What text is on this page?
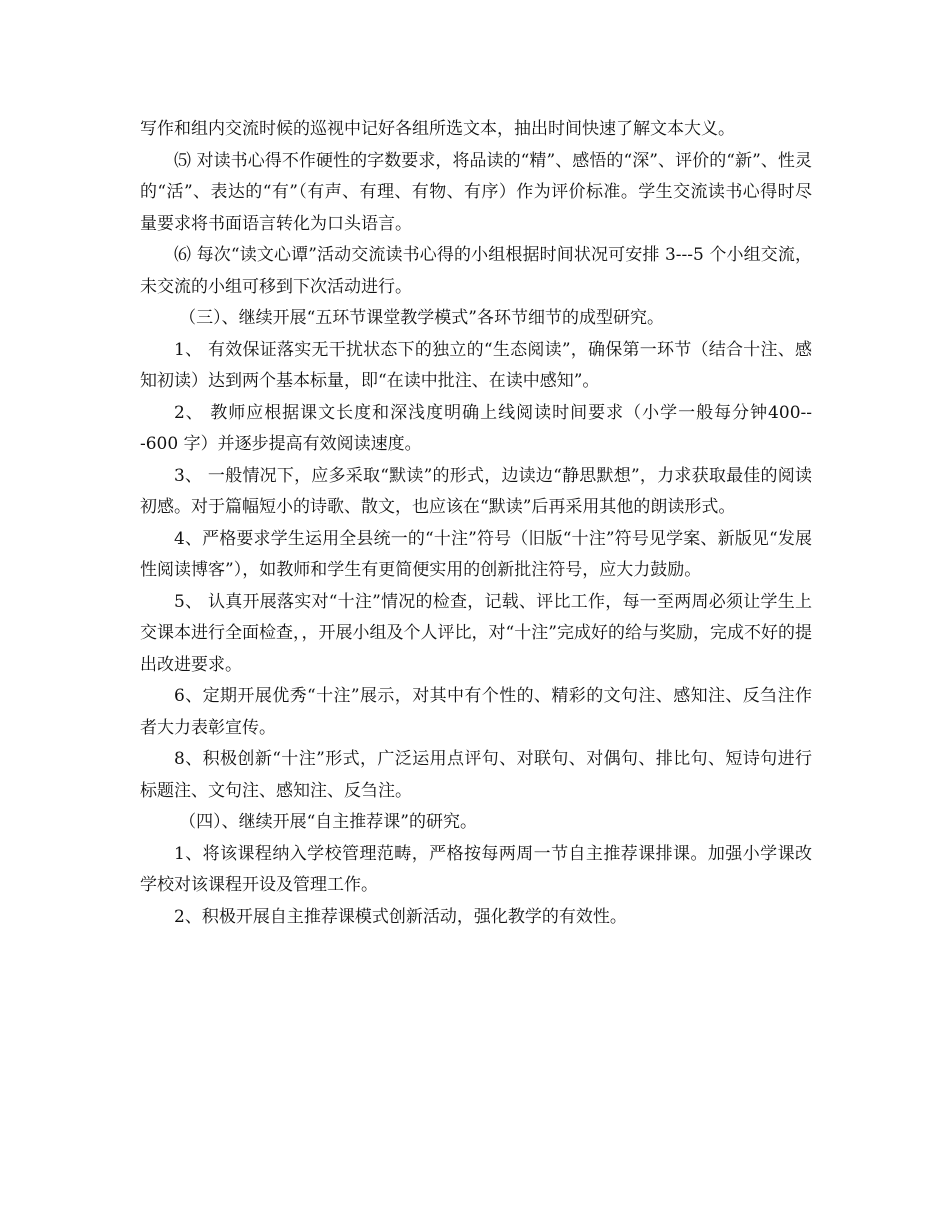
写作和组内交流时候的巡视中记好各组所选文本，抽出时间快速了解文本大义。

⑸ 对读书心得不作硬性的字数要求，将品读的“精”、感悟的“深”、评价的“新”、性灵的“活”、表达的“有”（有声、有理、有物、有序）作为评价标准。学生交流读书心得时尽量要求将书面语言转化为口头语言。

⑹ 每次“读文心谭”活动交流读书心得的小组根据时间状况可安排 3---5 个小组交流，未交流的小组可移到下次活动进行。

（三）、继续开展“五环节课堂教学模式”各环节细节的成型研究。

1、 有效保证落实无干扰状态下的独立的“生态阅读”，确保第一环节（结合十注、感知初读）达到两个基本标量，即“在读中批注、在读中感知”。

2、 教师应根据课文长度和深浅度明确上线阅读时间要求（小学一般每分钟400---600 字）并逐步提高有效阅读速度。

3、 一般情况下，应多采取“默读”的形式，边读边“静思默想”，力求获取最佳的阅读初感。对于篇幅短小的诗歌、散文，也应该在“默读”后再采用其他的朗读形式。

4、严格要求学生运用全县统一的“十注”符号（旧版“十注”符号见学案、新版见“发展性阅读博客”），如教师和学生有更简便实用的创新批注符号，应大力鼓励。

5、 认真开展落实对“十注”情况的检查，记载、评比工作，每一至两周必须让学生上交课本进行全面检查，，开展小组及个人评比，对“十注”完成好的给与奖励，完成不好的提出改进要求。

6、定期开展优秀“十注”展示，对其中有个性的、精彩的文句注、感知注、反刍注作者大力表彰宣传。

8、积极创新“十注”形式，广泛运用点评句、对联句、对偶句、排比句、短诗句进行标题注、文句注、感知注、反刍注。

（四）、继续开展“自主推荐课”的研究。

1、将该课程纳入学校管理范畴，严格按每两周一节自主推荐课排课。加强小学课改学校对该课程开设及管理工作。

2、积极开展自主推荐课模式创新活动，强化教学的有效性。
